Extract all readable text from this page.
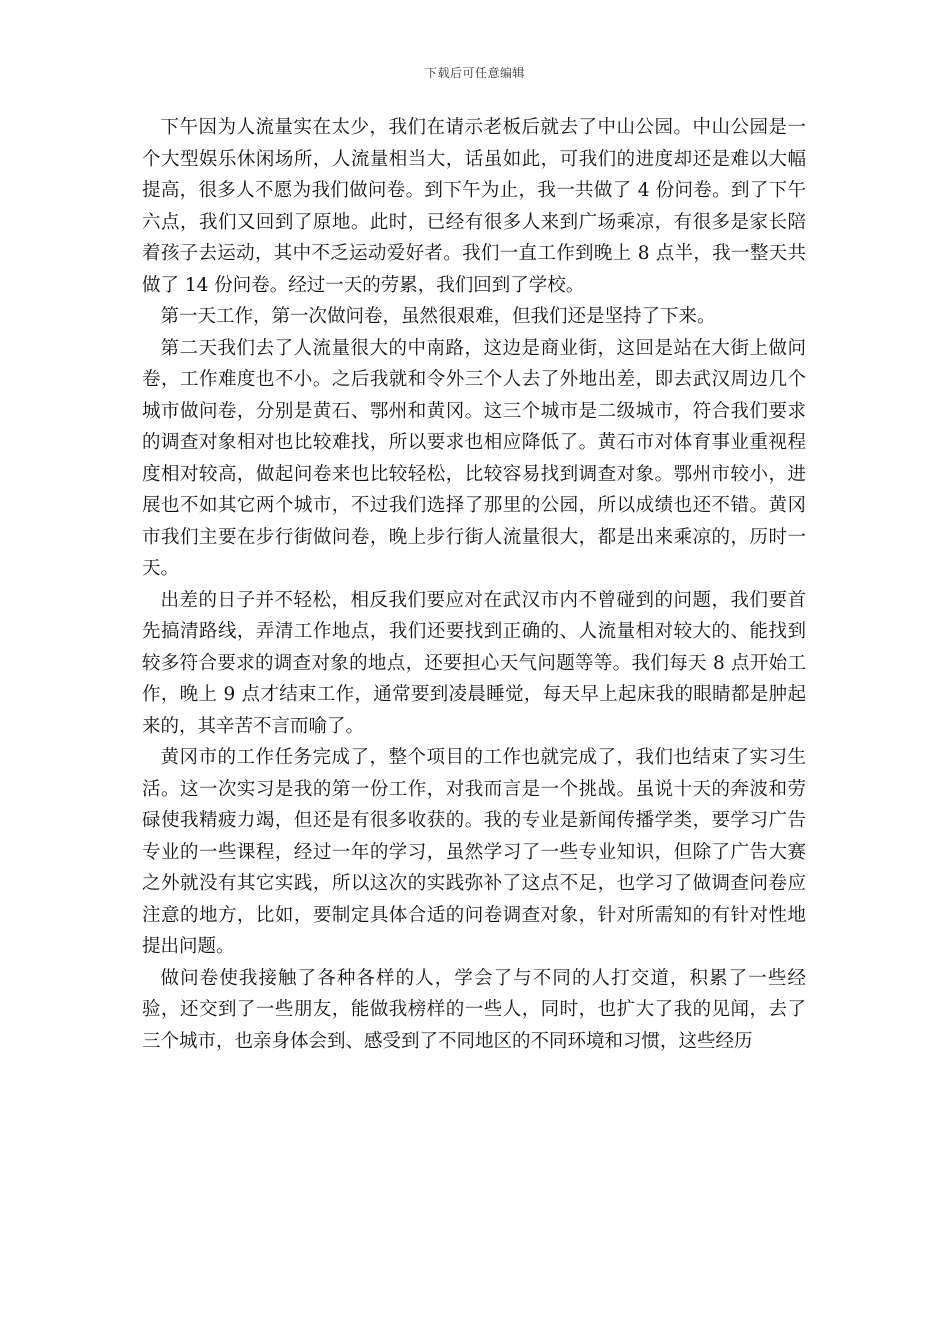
下载后可任意编辑

下午因为人流量实在太少，我们在请示老板后就去了中山公园。中山公园是一个大型娱乐休闲场所，人流量相当大，话虽如此，可我们的进度却还是难以大幅提高，很多人不愿为我们做问卷。到下午为止，我一共做了 4 份问卷。到了下午六点，我们又回到了原地。此时，已经有很多人来到广场乘凉，有很多是家长陪着孩子去运动，其中不乏运动爱好者。我们一直工作到晚上 8 点半，我一整天共做了 14 份问卷。经过一天的劳累，我们回到了学校。

第一天工作，第一次做问卷，虽然很艰难，但我们还是坚持了下来。

第二天我们去了人流量很大的中南路，这边是商业街，这回是站在大街上做问卷，工作难度也不小。之后我就和令外三个人去了外地出差，即去武汉周边几个城市做问卷，分别是黄石、鄂州和黄冈。这三个城市是二级城市，符合我们要求的调查对象相对也比较难找，所以要求也相应降低了。黄石市对体育事业重视程度相对较高，做起问卷来也比较轻松，比较容易找到调查对象。鄂州市较小，进展也不如其它两个城市，不过我们选择了那里的公园，所以成绩也还不错。黄冈市我们主要在步行街做问卷，晚上步行街人流量很大，都是出来乘凉的，历时一天。

出差的日子并不轻松，相反我们要应对在武汉市内不曾碰到的问题，我们要首先搞清路线，弄清工作地点，我们还要找到正确的、人流量相对较大的、能找到较多符合要求的调查对象的地点，还要担心天气问题等等。我们每天 8 点开始工作，晚上 9 点才结束工作，通常要到凌晨睡觉，每天早上起床我的眼睛都是肿起来的，其辛苦不言而喻了。

黄冈市的工作任务完成了，整个项目的工作也就完成了，我们也结束了实习生活。这一次实习是我的第一份工作，对我而言是一个挑战。虽说十天的奔波和劳碌使我精疲力竭，但还是有很多收获的。我的专业是新闻传播学类，要学习广告专业的一些课程，经过一年的学习，虽然学习了一些专业知识，但除了广告大赛之外就没有其它实践，所以这次的实践弥补了这点不足，也学习了做调查问卷应注意的地方，比如，要制定具体合适的问卷调查对象，针对所需知的有针对性地提出问题。

做问卷使我接触了各种各样的人，学会了与不同的人打交道，积累了一些经验，还交到了一些朋友，能做我榜样的一些人，同时，也扩大了我的见闻，去了三个城市，也亲身体会到、感受到了不同地区的不同环境和习惯，这些经历
